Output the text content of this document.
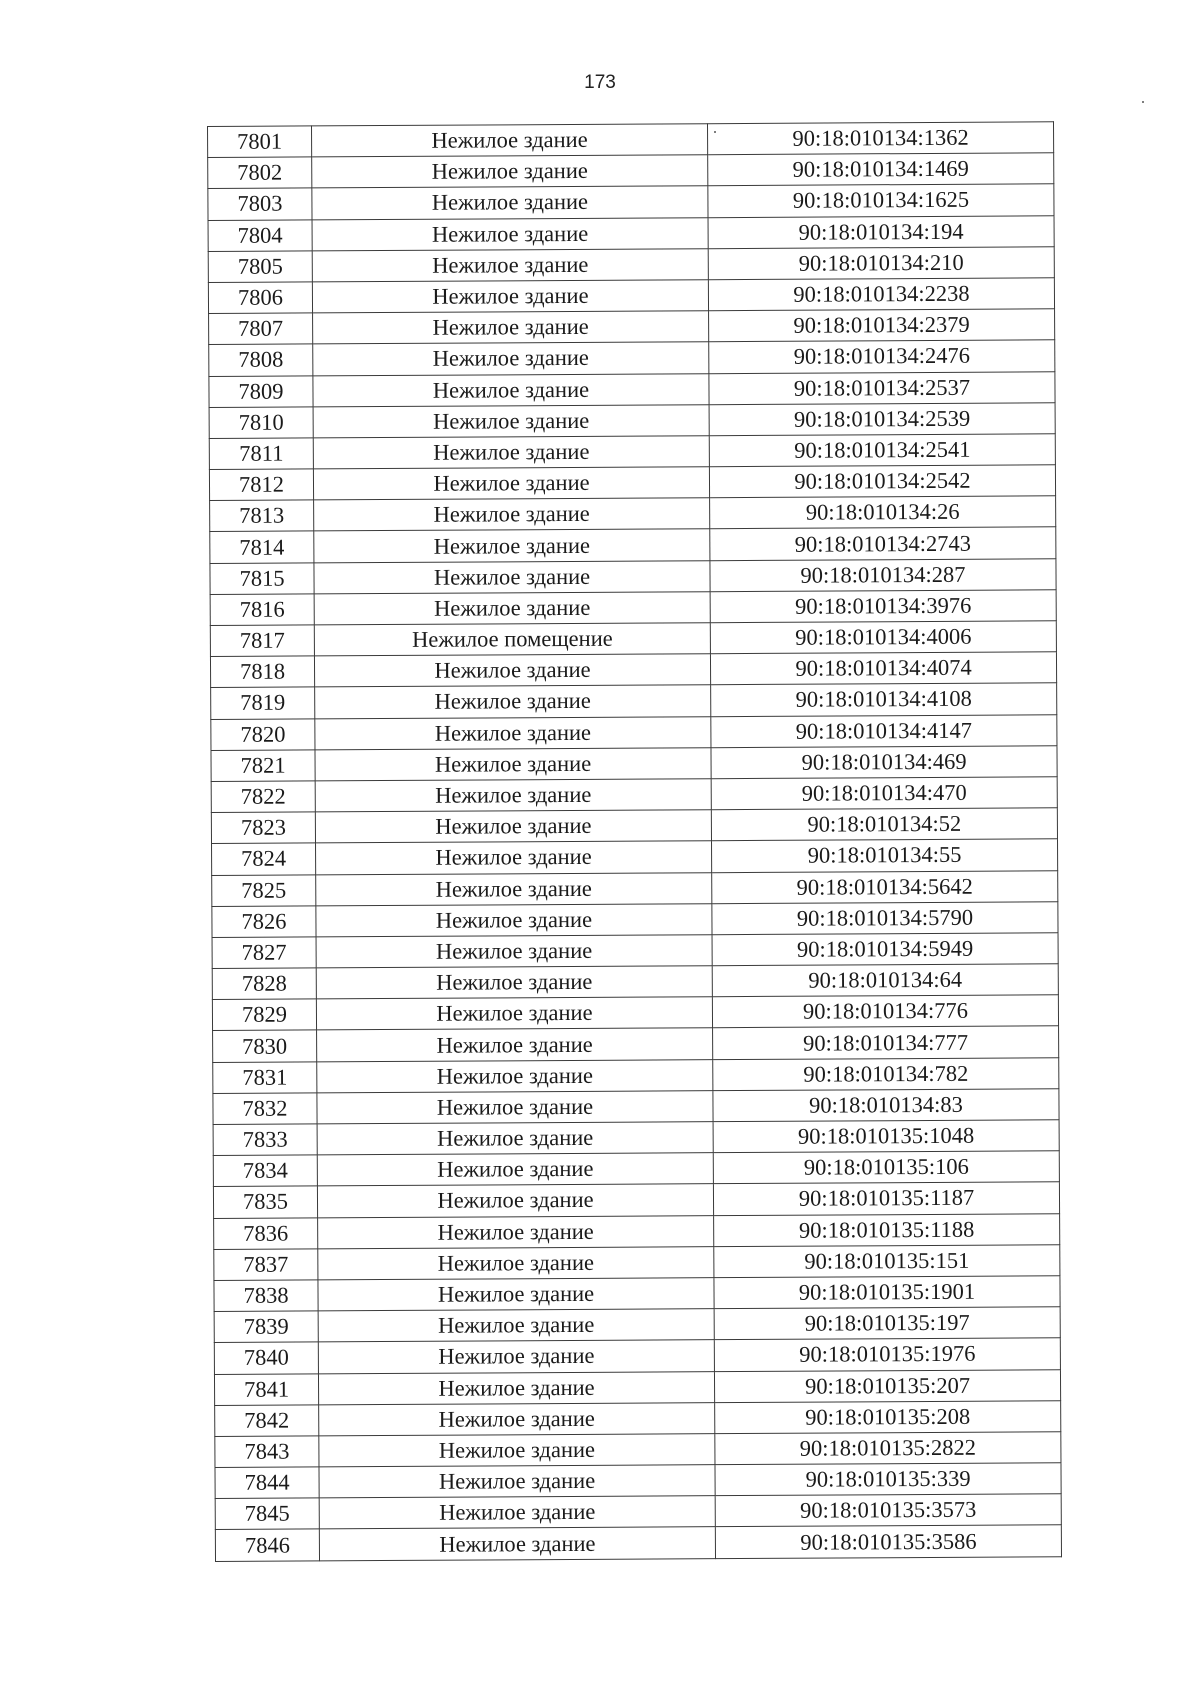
173
7801	Нежилое здание	90:18:010134:1362
7802	Нежилое здание	90:18:010134:1469
7803	Нежилое здание	90:18:010134:1625
7804	Нежилое здание	90:18:010134:194
7805	Нежилое здание	90:18:010134:210
7806	Нежилое здание	90:18:010134:2238
7807	Нежилое здание	90:18:010134:2379
7808	Нежилое здание	90:18:010134:2476
7809	Нежилое здание	90:18:010134:2537
7810	Нежилое здание	90:18:010134:2539
7811	Нежилое здание	90:18:010134:2541
7812	Нежилое здание	90:18:010134:2542
7813	Нежилое здание	90:18:010134:26
7814	Нежилое здание	90:18:010134:2743
7815	Нежилое здание	90:18:010134:287
7816	Нежилое здание	90:18:010134:3976
7817	Нежилое помещение	90:18:010134:4006
7818	Нежилое здание	90:18:010134:4074
7819	Нежилое здание	90:18:010134:4108
7820	Нежилое здание	90:18:010134:4147
7821	Нежилое здание	90:18:010134:469
7822	Нежилое здание	90:18:010134:470
7823	Нежилое здание	90:18:010134:52
7824	Нежилое здание	90:18:010134:55
7825	Нежилое здание	90:18:010134:5642
7826	Нежилое здание	90:18:010134:5790
7827	Нежилое здание	90:18:010134:5949
7828	Нежилое здание	90:18:010134:64
7829	Нежилое здание	90:18:010134:776
7830	Нежилое здание	90:18:010134:777
7831	Нежилое здание	90:18:010134:782
7832	Нежилое здание	90:18:010134:83
7833	Нежилое здание	90:18:010135:1048
7834	Нежилое здание	90:18:010135:106
7835	Нежилое здание	90:18:010135:1187
7836	Нежилое здание	90:18:010135:1188
7837	Нежилое здание	90:18:010135:151
7838	Нежилое здание	90:18:010135:1901
7839	Нежилое здание	90:18:010135:197
7840	Нежилое здание	90:18:010135:1976
7841	Нежилое здание	90:18:010135:207
7842	Нежилое здание	90:18:010135:208
7843	Нежилое здание	90:18:010135:2822
7844	Нежилое здание	90:18:010135:339
7845	Нежилое здание	90:18:010135:3573
7846	Нежилое здание	90:18:010135:3586
